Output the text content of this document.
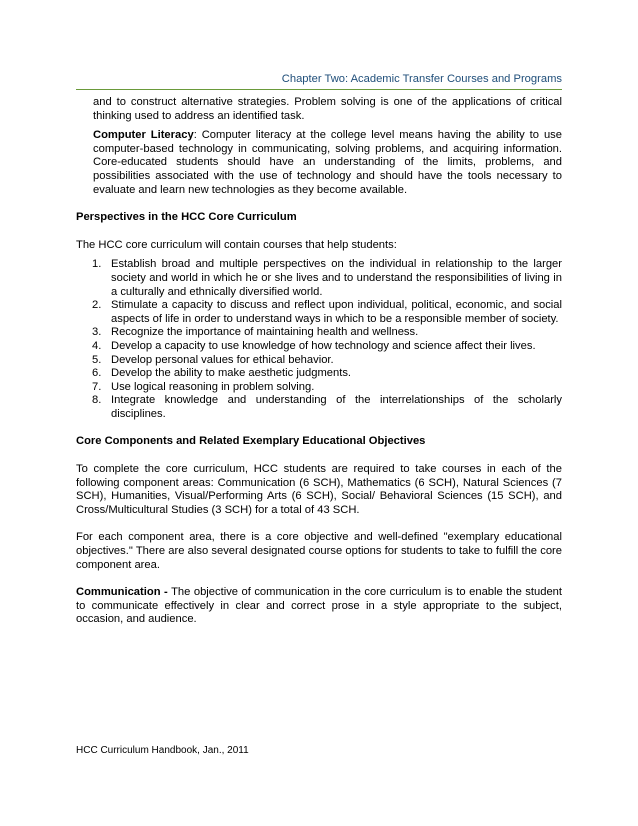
Chapter Two: Academic Transfer Courses and Programs

and to construct alternative strategies. Problem solving is one of the applications of critical thinking used to address an identified task.

Computer Literacy: Computer literacy at the college level means having the ability to use computer-based technology in communicating, solving problems, and acquiring information. Core-educated students should have an understanding of the limits, problems, and possibilities associated with the use of technology and should have the tools necessary to evaluate and learn new technologies as they become available.

Perspectives in the HCC Core Curriculum

The HCC core curriculum will contain courses that help students:

1. Establish broad and multiple perspectives on the individual in relationship to the larger society and world in which he or she lives and to understand the responsibilities of living in a culturally and ethnically diversified world.
2. Stimulate a capacity to discuss and reflect upon individual, political, economic, and social aspects of life in order to understand ways in which to be a responsible member of society.
3. Recognize the importance of maintaining health and wellness.
4. Develop a capacity to use knowledge of how technology and science affect their lives.
5. Develop personal values for ethical behavior.
6. Develop the ability to make aesthetic judgments.
7. Use logical reasoning in problem solving.
8. Integrate knowledge and understanding of the interrelationships of the scholarly disciplines.

Core Components and Related Exemplary Educational Objectives

To complete the core curriculum, HCC students are required to take courses in each of the following component areas: Communication (6 SCH), Mathematics (6 SCH), Natural Sciences (7 SCH), Humanities, Visual/Performing Arts (6 SCH), Social/ Behavioral Sciences (15 SCH), and Cross/Multicultural Studies (3 SCH) for a total of 43 SCH.

For each component area, there is a core objective and well-defined "exemplary educational objectives." There are also several designated course options for students to take to fulfill the core component area.

Communication - The objective of communication in the core curriculum is to enable the student to communicate effectively in clear and correct prose in a style appropriate to the subject, occasion, and audience.

HCC Curriculum Handbook, Jan., 2011
